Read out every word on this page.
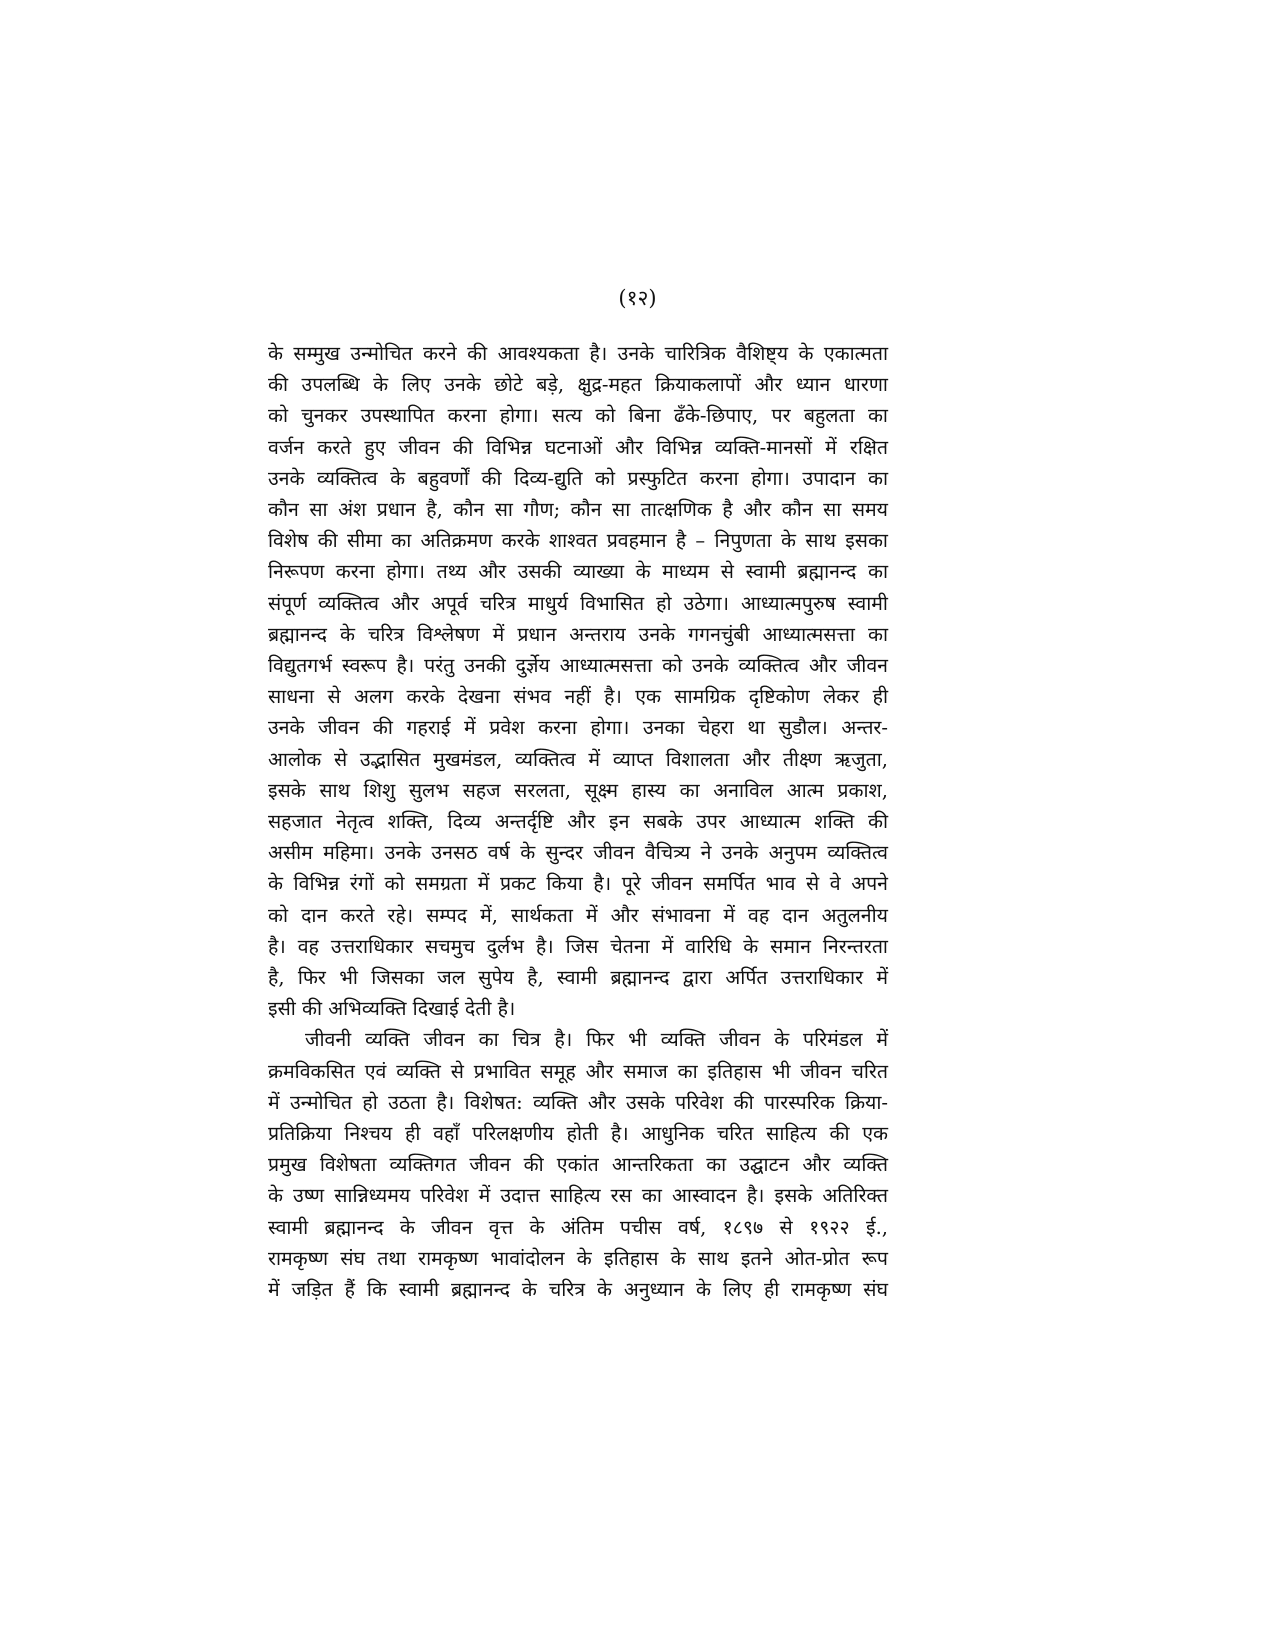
(१२)

के सम्मुख उन्मोचित करने की आवश्यकता है। उनके चारित्रिक वैशिष्ट्य के एकात्मता
की उपलब्धि के लिए उनके छोटे बड़े, क्षुद्र-महत क्रियाकलापों और ध्यान धारणा
को चुनकर उपस्थापित करना होगा। सत्य को बिना ढँके-छिपाए, पर बहुलता का
वर्जन करते हुए जीवन की विभिन्न घटनाओं और विभिन्न व्यक्ति-मानसों में रक्षित
उनके व्यक्तित्व के बहुवर्णों की दिव्य-द्युति को प्रस्फुटित करना होगा। उपादान का
कौन सा अंश प्रधान है, कौन सा गौण; कौन सा तात्क्षणिक है और कौन सा समय
विशेष की सीमा का अतिक्रमण करके शाश्वत प्रवहमान है – निपुणता के साथ इसका
निरूपण करना होगा। तथ्य और उसकी व्याख्या के माध्यम से स्वामी ब्रह्मानन्द का
संपूर्ण व्यक्तित्व और अपूर्व चरित्र माधुर्य विभासित हो उठेगा। आध्यात्मपुरुष स्वामी
ब्रह्मानन्द के चरित्र विश्लेषण में प्रधान अन्तराय उनके गगनचुंबी आध्यात्मसत्ता का
विद्युतगर्भ स्वरूप है। परंतु उनकी दुर्ज्ञेय आध्यात्मसत्ता को उनके व्यक्तित्व और जीवन
साधना से अलग करके देखना संभव नहीं है। एक सामग्रिक दृष्टिकोण लेकर ही
उनके जीवन की गहराई में प्रवेश करना होगा। उनका चेहरा था सुडौल। अन्तर-
आलोक से उद्भासित मुखमंडल, व्यक्तित्व में व्याप्त विशालता और तीक्ष्ण ऋजुता,
इसके साथ शिशु सुलभ सहज सरलता, सूक्ष्म हास्य का अनाविल आत्म प्रकाश,
सहजात नेतृत्व शक्ति, दिव्य अन्तर्दृष्टि और इन सबके उपर आध्यात्म शक्ति की
असीम महिमा। उनके उनसठ वर्ष के सुन्दर जीवन वैचित्र्य ने उनके अनुपम व्यक्तित्व
के विभिन्न रंगों को समग्रता में प्रकट किया है। पूरे जीवन समर्पित भाव से वे अपने
को दान करते रहे। सम्पद में, सार्थकता में और संभावना में वह दान अतुलनीय
है। वह उत्तराधिकार सचमुच दुर्लभ है। जिस चेतना में वारिधि के समान निरन्तरता
है, फिर भी जिसका जल सुपेय है, स्वामी ब्रह्मानन्द द्वारा अर्पित उत्तराधिकार में
इसी की अभिव्यक्ति दिखाई देती है।

जीवनी व्यक्ति जीवन का चित्र है। फिर भी व्यक्ति जीवन के परिमंडल में
क्रमविकसित एवं व्यक्ति से प्रभावित समूह और समाज का इतिहास भी जीवन चरित
में उन्मोचित हो उठता है। विशेषत: व्यक्ति और उसके परिवेश की पारस्परिक क्रिया-
प्रतिक्रिया निश्चय ही वहाँ परिलक्षणीय होती है। आधुनिक चरित साहित्य की एक
प्रमुख विशेषता व्यक्तिगत जीवन की एकांत आन्तरिकता का उद्घाटन और व्यक्ति
के उष्ण सान्निध्यमय परिवेश में उदात्त साहित्य रस का आस्वादन है। इसके अतिरिक्त
स्वामी ब्रह्मानन्द के जीवन वृत्त के अंतिम पचीस वर्ष, १८९७ से १९२२ ई.,
रामकृष्ण संघ तथा रामकृष्ण भावांदोलन के इतिहास के साथ इतने ओत-प्रोत रूप
में जड़ित हैं कि स्वामी ब्रह्मानन्द के चरित्र के अनुध्यान के लिए ही रामकृष्ण संघ
